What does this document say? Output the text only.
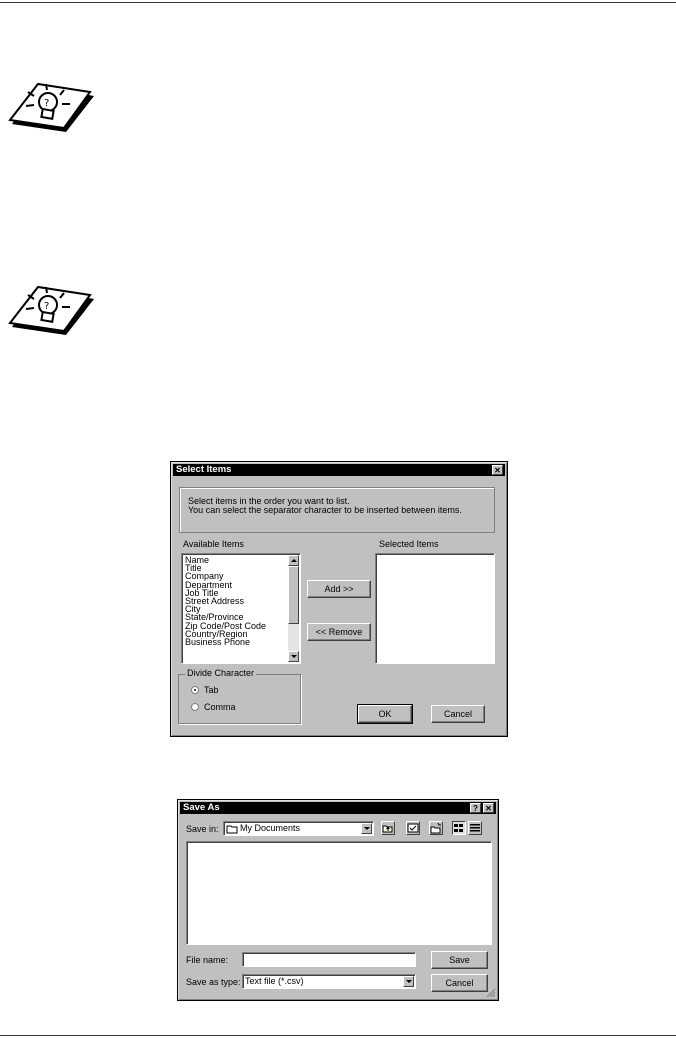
?
?
Select Items	✕
Select items in the order you want to list.
You can select the separator character to be inserted between items.
Available Items	Selected Items
Name
Title
Company
Department
Job Title
Street Address
City
State/Province
Zip Code/Post Code
Country/Region
Business Phone
Add >>
<< Remove
Divide Character
Tab
Comma
OK	Cancel
Save As	? ✕
Save in: My Documents
File name:
Save as type: Text file (*.csv)
Save
Cancel
